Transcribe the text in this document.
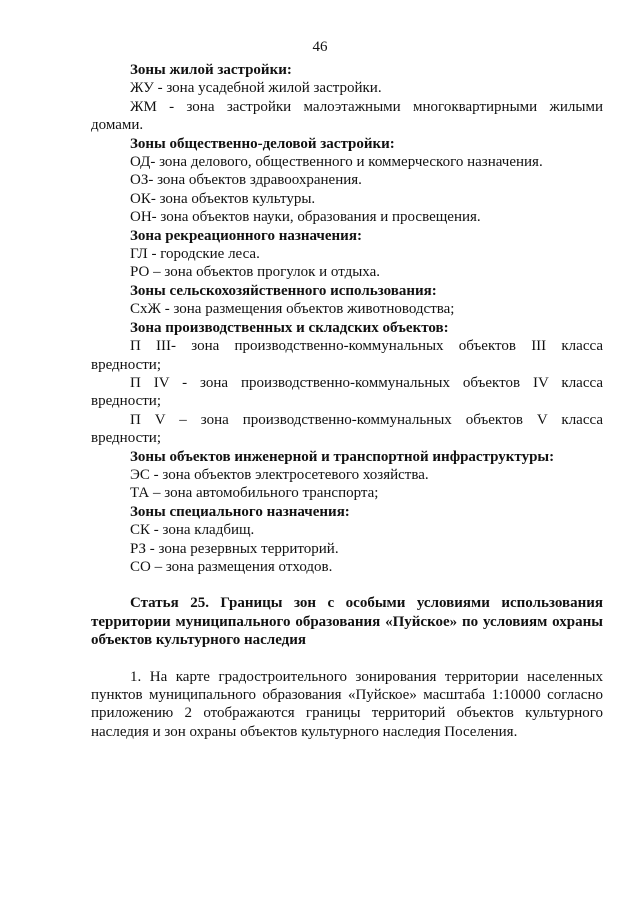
46
Зоны жилой застройки:
ЖУ - зона усадебной жилой застройки.
ЖМ - зона застройки малоэтажными многоквартирными жилыми домами.
Зоны общественно-деловой застройки:
ОД- зона делового, общественного и коммерческого назначения.
ОЗ- зона объектов здравоохранения.
ОК- зона объектов культуры.
ОН- зона объектов науки, образования и просвещения.
Зона рекреационного назначения:
ГЛ - городские леса.
РО – зона объектов прогулок и отдыха.
Зоны сельскохозяйственного использования:
СхЖ - зона размещения объектов животноводства;
Зона производственных и складских объектов:
П III- зона производственно-коммунальных объектов III класса вредности;
П IV - зона производственно-коммунальных объектов IV класса вредности;
П V – зона производственно-коммунальных объектов V класса вредности;
Зоны объектов инженерной и транспортной инфраструктуры:
ЭС - зона объектов электросетевого хозяйства.
ТА – зона автомобильного транспорта;
Зоны специального назначения:
СК - зона кладбищ.
РЗ - зона резервных территорий.
СО – зона размещения отходов.
Статья 25. Границы зон с особыми условиями использования территории муниципального образования «Пуйское» по условиям охраны объектов культурного наследия
1. На карте градостроительного зонирования территории населенных пунктов муниципального образования «Пуйское» масштаба 1:10000 согласно приложению 2 отображаются границы территорий объектов культурного наследия и зон охраны объектов культурного наследия Поселения.
